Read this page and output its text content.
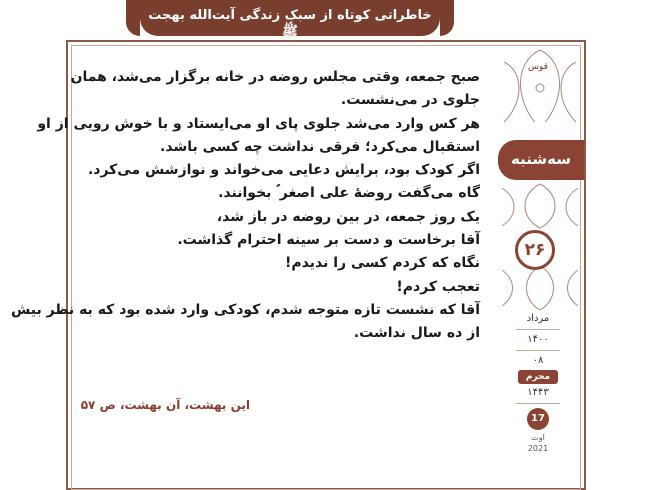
خاطراتی کوتاه از سبک زندگی آیت‌الله بهجت ﷺ
صبح جمعه، وقتی مجلس روضه در خانه برگزار می‌شد، همان
جلوی در می‌نشست.
هر کس وارد می‌شد جلوی پای او می‌ایستاد و با خوش رویی از او
استقبال می‌کرد؛ فرقی نداشت چه کسی باشد.
اگر کودک بود، برایش دعایی می‌خواند و نوازشش می‌کرد.
گاه می‌گفت روضهٔ علی اصغر ؑ بخوانند.
یک روز جمعه، در بین روضه در باز شد،
آقا برخاست و دست بر سینه احترام گذاشت.
نگاه که کردم کسی را ندیدم!
تعجب کردم!
آقا که نشست تازه متوجه شدم، کودکی وارد شده بود که به نظر بیش
از ده سال نداشت.
این بهشت، آن بهشت، ص ۵۷
قوس
سه‌شنبه
۲۶
مرداد
۱۴۰۰
۰۸
محرم
۱۴۴۳
17
اوت
2021
